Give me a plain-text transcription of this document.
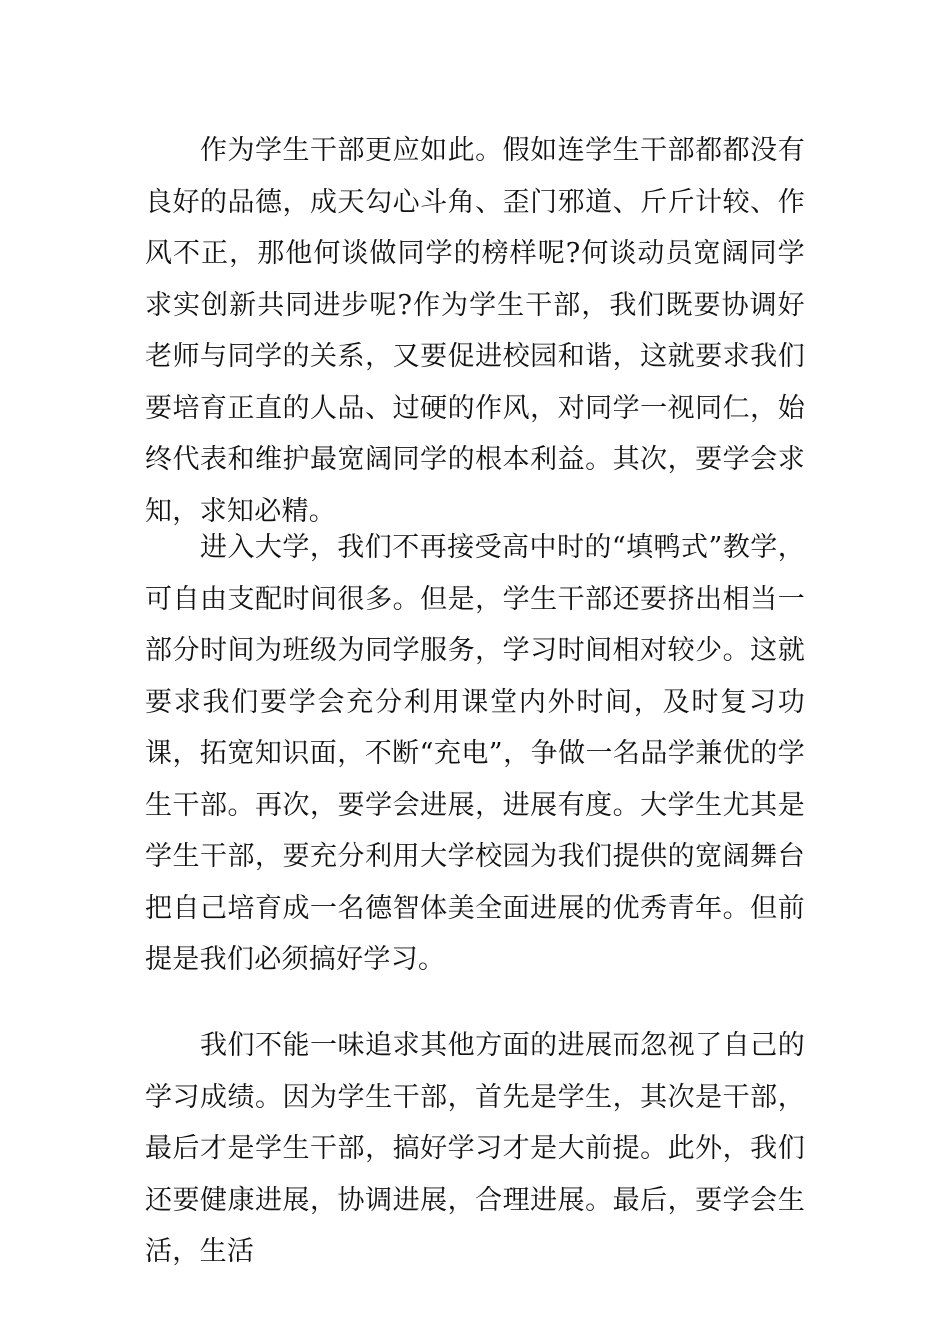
作为学生干部更应如此。假如连学生干部都都没有良好的品德，成天勾心斗角、歪门邪道、斤斤计较、作风不正，那他何谈做同学的榜样呢?何谈动员宽阔同学求实创新共同进步呢?作为学生干部，我们既要协调好老师与同学的关系，又要促进校园和谐，这就要求我们要培育正直的人品、过硬的作风，对同学一视同仁，始终代表和维护最宽阔同学的根本利益。其次，要学会求知，求知必精。

进入大学，我们不再接受高中时的“填鸭式”教学，可自由支配时间很多。但是，学生干部还要挤出相当一部分时间为班级为同学服务，学习时间相对较少。这就要求我们要学会充分利用课堂内外时间，及时复习功课，拓宽知识面，不断“充电”，争做一名品学兼优的学生干部。再次，要学会进展，进展有度。大学生尤其是学生干部，要充分利用大学校园为我们提供的宽阔舞台把自己培育成一名德智体美全面进展的优秀青年。但前提是我们必须搞好学习。

我们不能一味追求其他方面的进展而忽视了自己的学习成绩。因为学生干部，首先是学生，其次是干部，最后才是学生干部，搞好学习才是大前提。此外，我们还要健康进展，协调进展，合理进展。最后，要学会生活，生活
